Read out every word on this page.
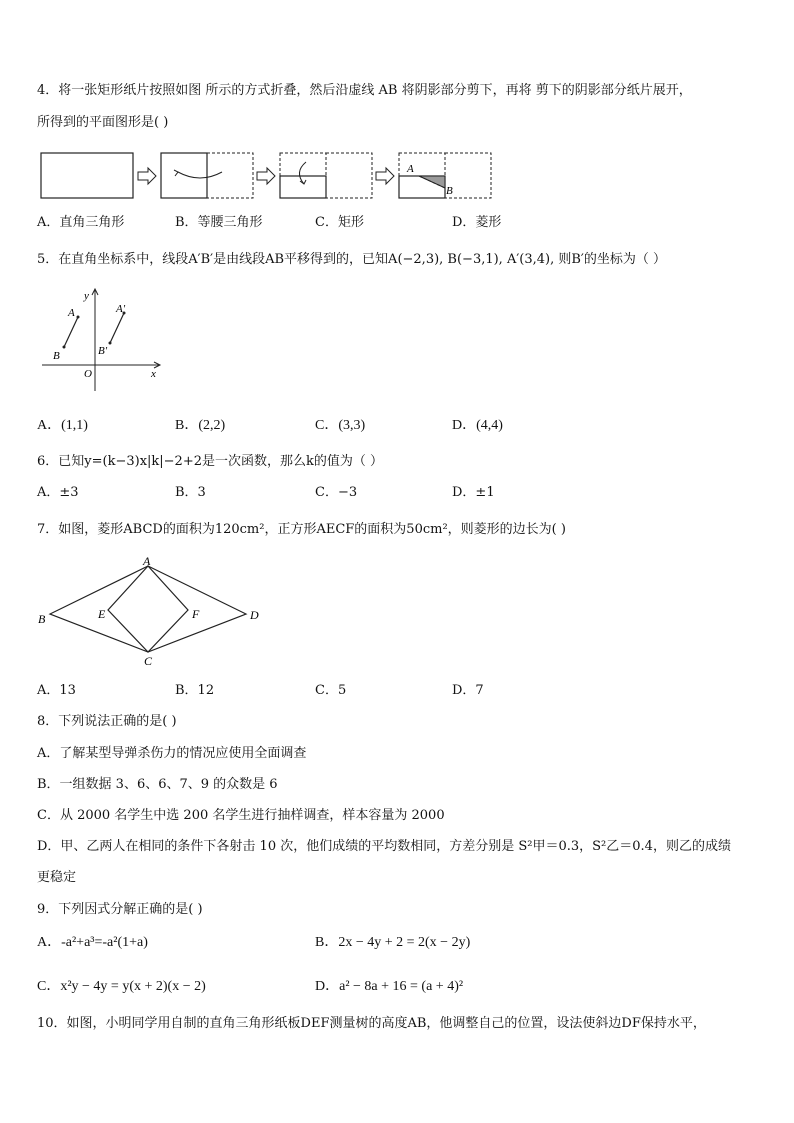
4．将一张矩形纸片按照如图 所示的方式折叠，然后沿虚线 AB 将阴影部分剪下，再将 剪下的阴影部分纸片展开，
所得到的平面图形是( )
A
B
A．直角三角形	B．等腰三角形	C．矩形	D．菱形
5．在直角坐标系中，线段A′B′是由线段AB平移得到的，已知A(−2,3), B(−3,1), A′(3,4), 则B′的坐标为（ ）
y
x
O
A
B
A'
B'
A．(1,1)	B．(2,2)	C．(3,3)	D．(4,4)
6．已知y=(k−3)x|k|−2+2是一次函数，那么k的值为（ ）
A．±3	B．3	C．−3	D．±1
7．如图，菱形ABCD的面积为120cm²，正方形AECF的面积为50cm²，则菱形的边长为( )
A
B
C
D
E	F
A．13	B．12	C．5	D．7
8．下列说法正确的是( )
A．了解某型导弹杀伤力的情况应使用全面调查
B．一组数据 3、6、6、7、9 的众数是 6
C．从 2000 名学生中选 200 名学生进行抽样调查，样本容量为 2000
D．甲、乙两人在相同的条件下各射击 10 次，他们成绩的平均数相同，方差分别是 S²甲＝0.3，S²乙＝0.4，则乙的成绩
更稳定
9．下列因式分解正确的是( )
A．-a²+a³=-a²(1+a)	B．2x − 4y + 2 = 2(x − 2y)
C．x²y − 4y = y(x + 2)(x − 2)	D．a² − 8a + 16 = (a + 4)²
10．如图，小明同学用自制的直角三角形纸板DEF测量树的高度AB，他调整自己的位置，设法使斜边DF保持水平，
